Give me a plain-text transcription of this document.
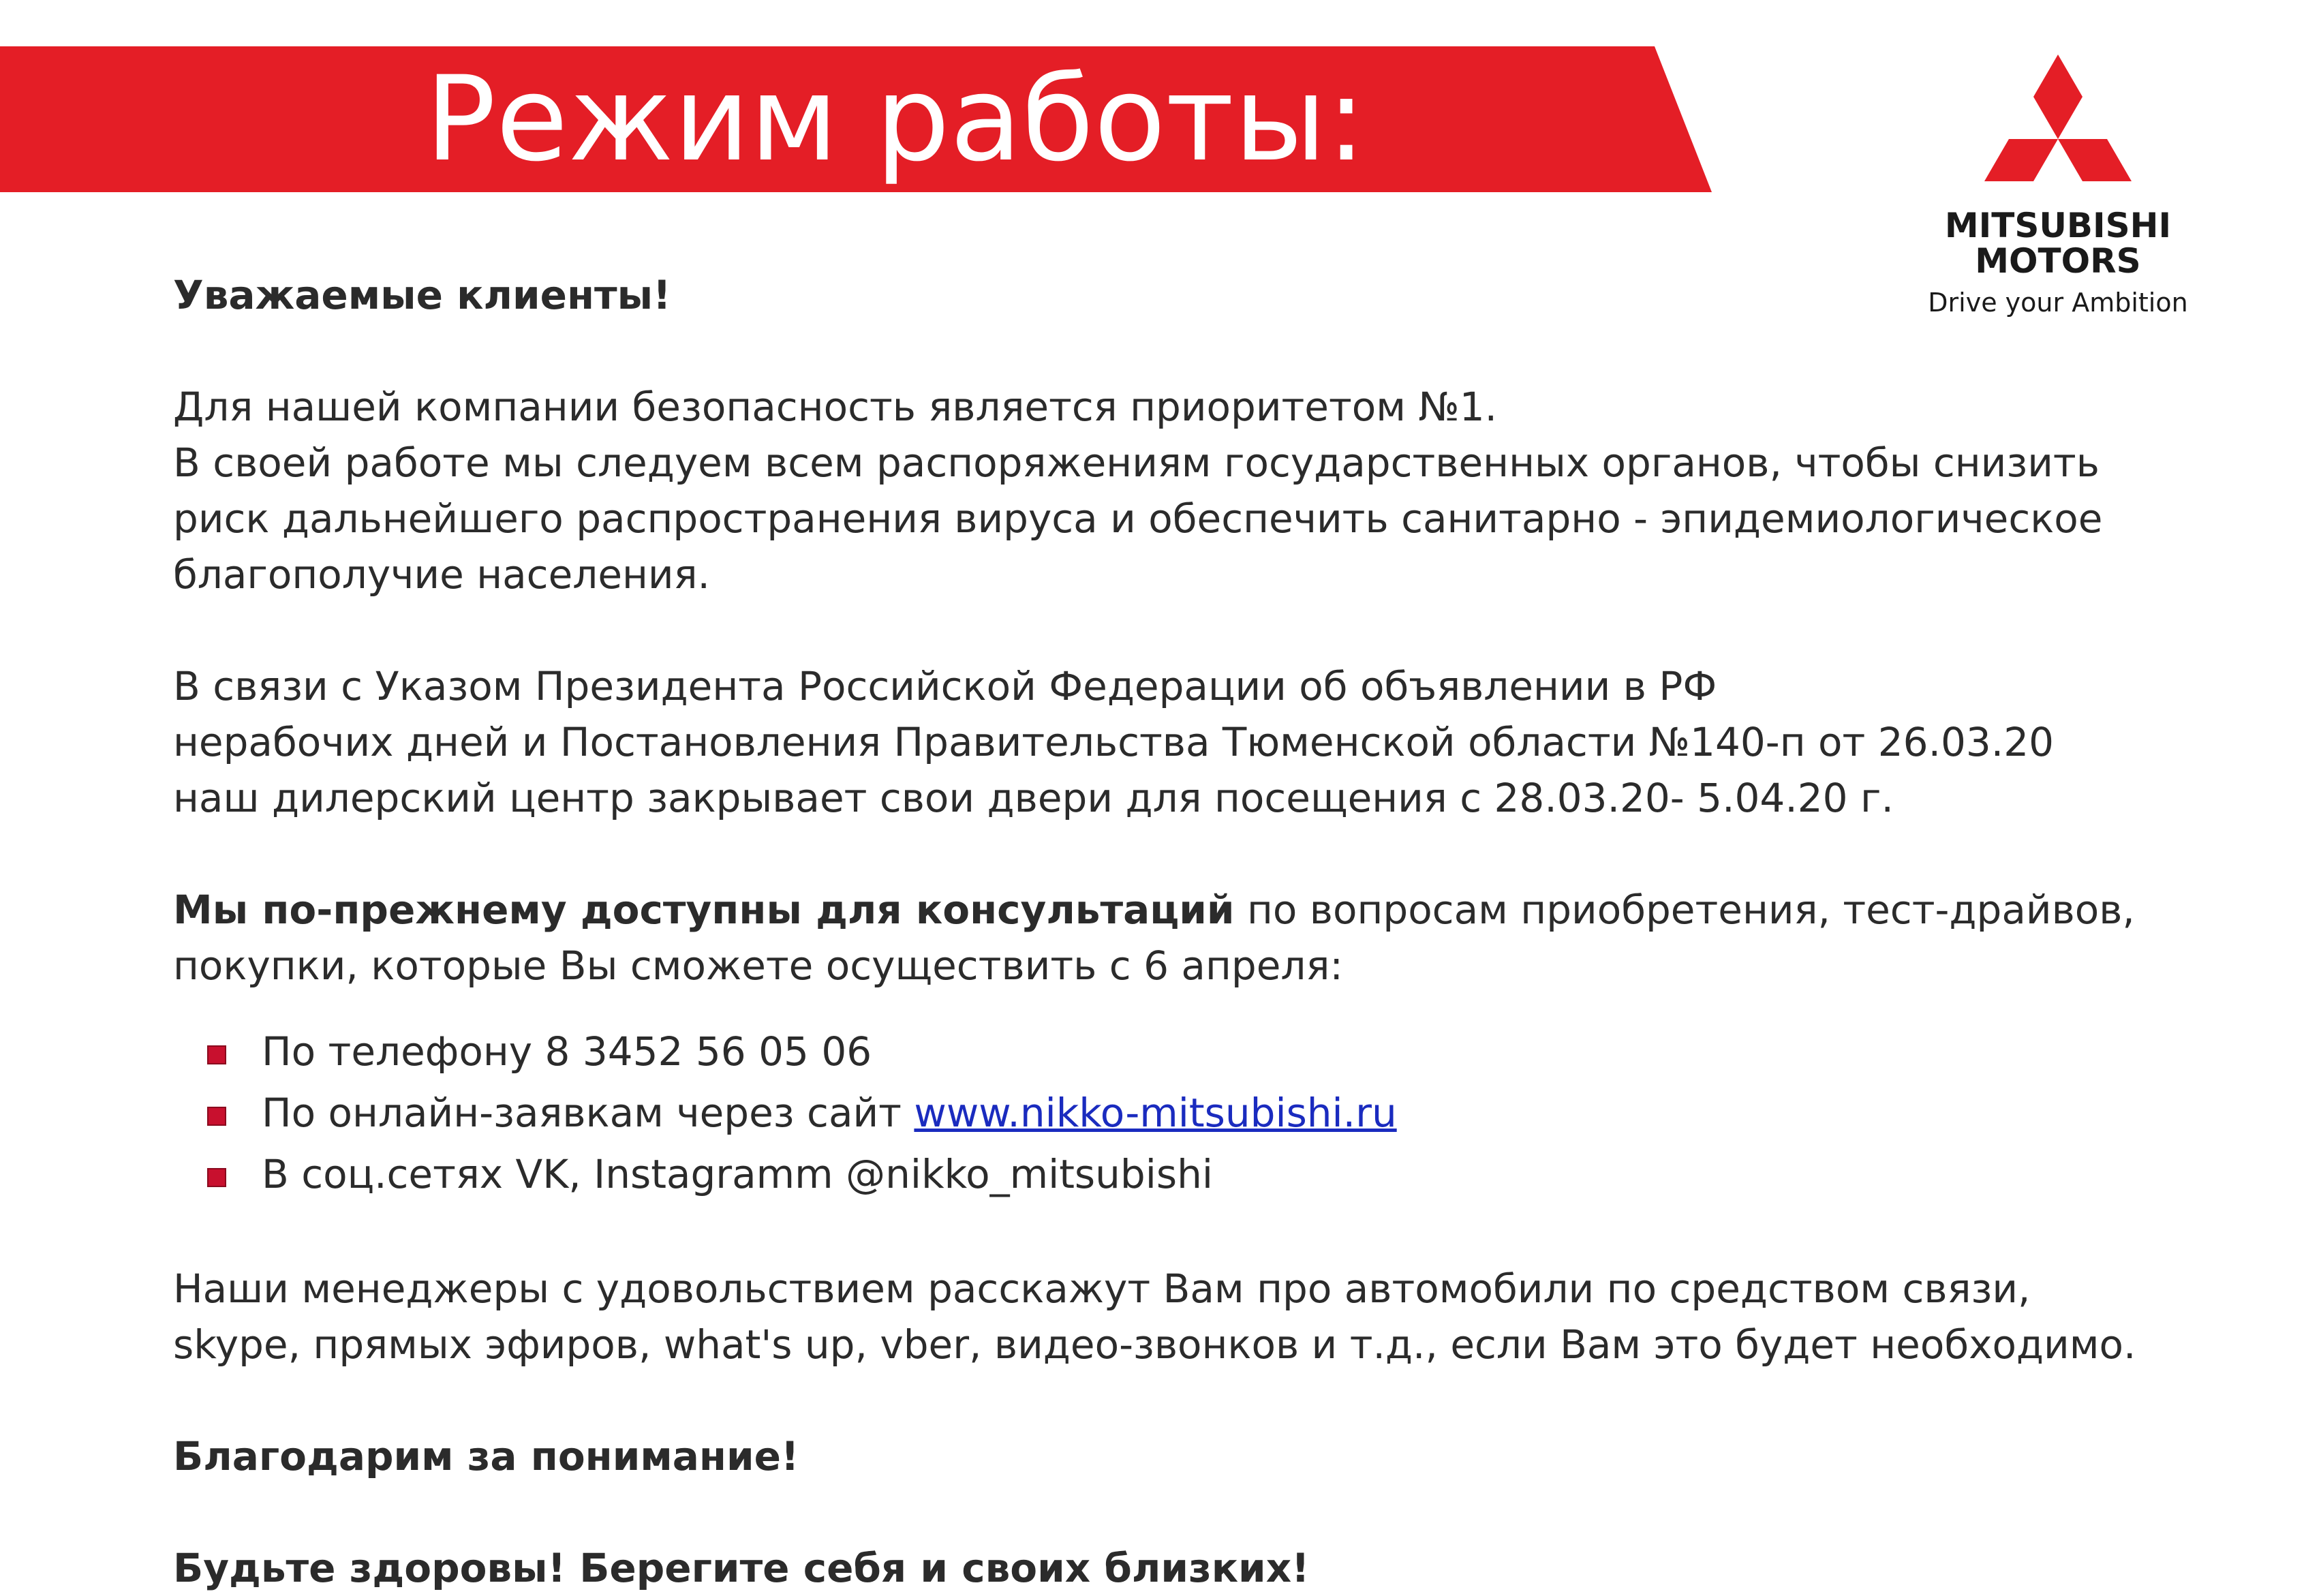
Режим работы:
MITSUBISHI
MOTORS
Drive your Ambition
Уважаемые клиенты!
Для нашей компании безопасность является приоритетом №1.
В своей работе мы следуем всем распоряжениям государственных органов, чтобы снизить
риск дальнейшего распространения вируса и обеспечить санитарно - эпидемиологическое
благополучие населения.
В связи с Указом Президента Российской Федерации об объявлении в РФ
нерабочих дней и Постановления Правительства Тюменской области №140-п от 26.03.20
наш дилерский центр закрывает свои двери для посещения с 28.03.20- 5.04.20 г.
Мы по-прежнему доступны для консультаций по вопросам приобретения, тест-драйвов,
покупки, которые Вы сможете осуществить с 6 апреля:
По телефону 8 3452 56 05 06
По онлайн-заявкам через сайт www.nikko-mitsubishi.ru
В соц.сетях VK, Instagramm @nikko_mitsubishi
Наши менеджеры с удовольствием расскажут Вам про автомобили по средством связи,
skype, прямых эфиров, what's up, vber, видео-звонков и т.д., если Вам это будет необходимо.
Благодарим за понимание!
Будьте здоровы! Берегите себя и своих близких!
